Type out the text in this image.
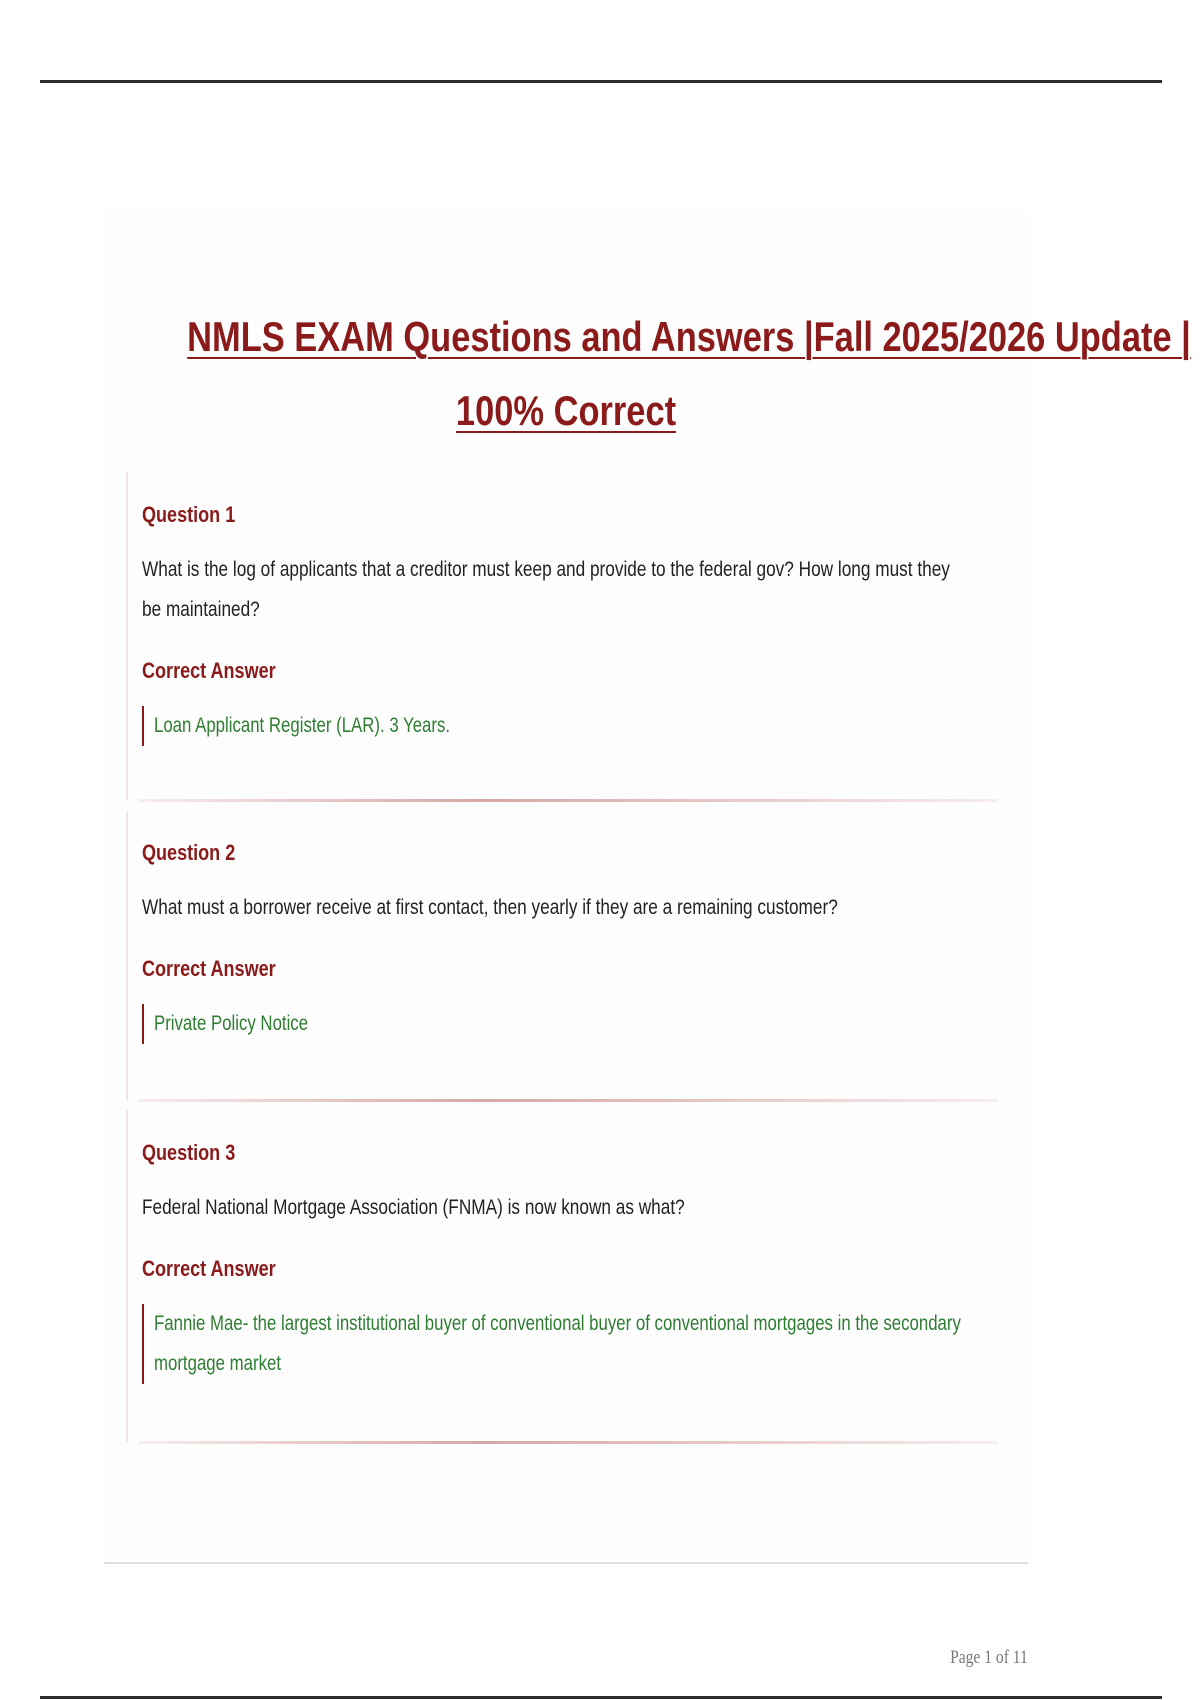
NMLS EXAM Questions and Answers |Fall 2025/2026 Update |
100% Correct
Question 1

What is the log of applicants that a creditor must keep and provide to the federal gov? How long must they be maintained?

Correct Answer

Loan Applicant Register (LAR). 3 Years.

Question 2

What must a borrower receive at first contact, then yearly if they are a remaining customer?

Correct Answer

Private Policy Notice

Question 3

Federal National Mortgage Association (FNMA) is now known as what?

Correct Answer

Fannie Mae- the largest institutional buyer of conventional buyer of conventional mortgages in the secondary mortgage market

Page 1 of 11
